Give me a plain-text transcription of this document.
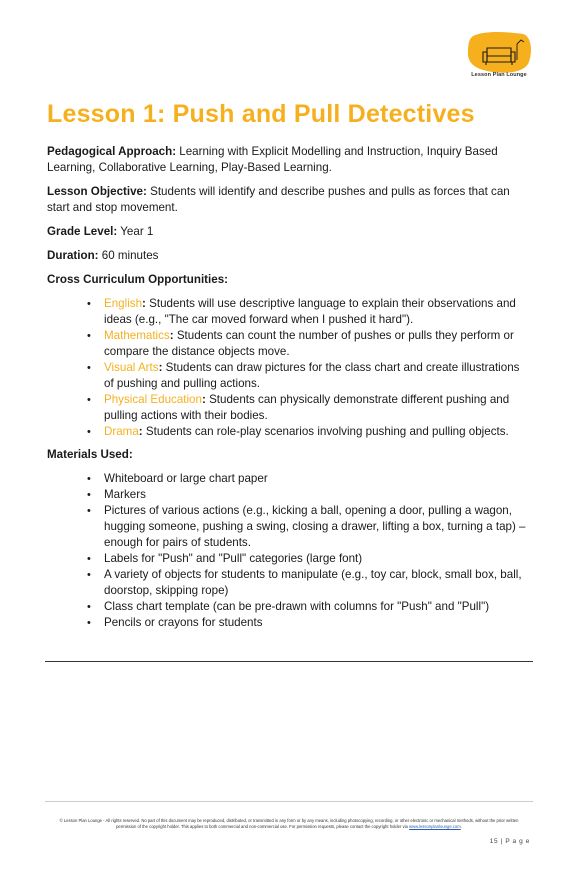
Lesson Plan Lounge
Lesson 1: Push and Pull Detectives

Pedagogical Approach: Learning with Explicit Modelling and Instruction, Inquiry Based Learning, Collaborative Learning, Play-Based Learning.

Lesson Objective: Students will identify and describe pushes and pulls as forces that can start and stop movement.

Grade Level: Year 1

Duration: 60 minutes

Cross Curriculum Opportunities:

• English: Students will use descriptive language to explain their observations and ideas (e.g., "The car moved forward when I pushed it hard").
• Mathematics: Students can count the number of pushes or pulls they perform or compare the distance objects move.
• Visual Arts: Students can draw pictures for the class chart and create illustrations of pushing and pulling actions.
• Physical Education: Students can physically demonstrate different pushing and pulling actions with their bodies.
• Drama: Students can role-play scenarios involving pushing and pulling objects.

Materials Used:

• Whiteboard or large chart paper
• Markers
• Pictures of various actions (e.g., kicking a ball, opening a door, pulling a wagon, hugging someone, pushing a swing, closing a drawer, lifting a box, turning a tap) – enough for pairs of students.
• Labels for "Push" and "Pull" categories (large font)
• A variety of objects for students to manipulate (e.g., toy car, block, small box, ball, doorstop, skipping rope)
• Class chart template (can be pre-drawn with columns for "Push" and "Pull")
• Pencils or crayons for students
© Lesson Plan Lounge - All rights reserved. No part of this document may be reproduced, distributed, or transmitted in any form or by any means, including photocopying, recording, or other electronic or mechanical methods, without the prior written permission of the copyright holder. This applies to both commercial and non-commercial use. For permission requests, please contact the copyright holder via www.lessonplanlounge.com.
15 | P a g e
